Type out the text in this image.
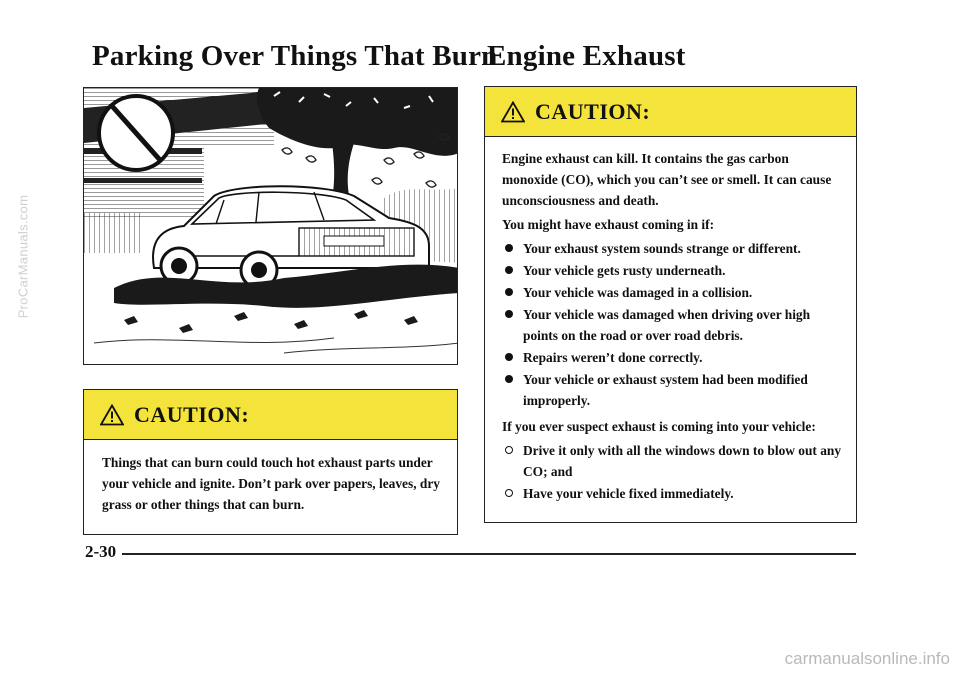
Parking Over Things That Burn
Engine Exhaust
CAUTION:
Things that can burn could touch hot exhaust parts under your vehicle and ignite. Don’t park over papers, leaves, dry grass or other things that can burn.
CAUTION:

Engine exhaust can kill. It contains the gas carbon monoxide (CO), which you can’t see or smell. It can cause unconsciousness and death.

You might have exhaust coming in if:

Your exhaust system sounds strange or different.
Your vehicle gets rusty underneath.
Your vehicle was damaged in a collision.
Your vehicle was damaged when driving over high points on the road or over road debris.
Repairs weren’t done correctly.
Your vehicle or exhaust system had been modified improperly.

If you ever suspect exhaust is coming into your vehicle:

Drive it only with all the windows down to blow out any CO; and
Have your vehicle fixed immediately.
2-30
ProCarManuals.com
carmanualsonline.info
